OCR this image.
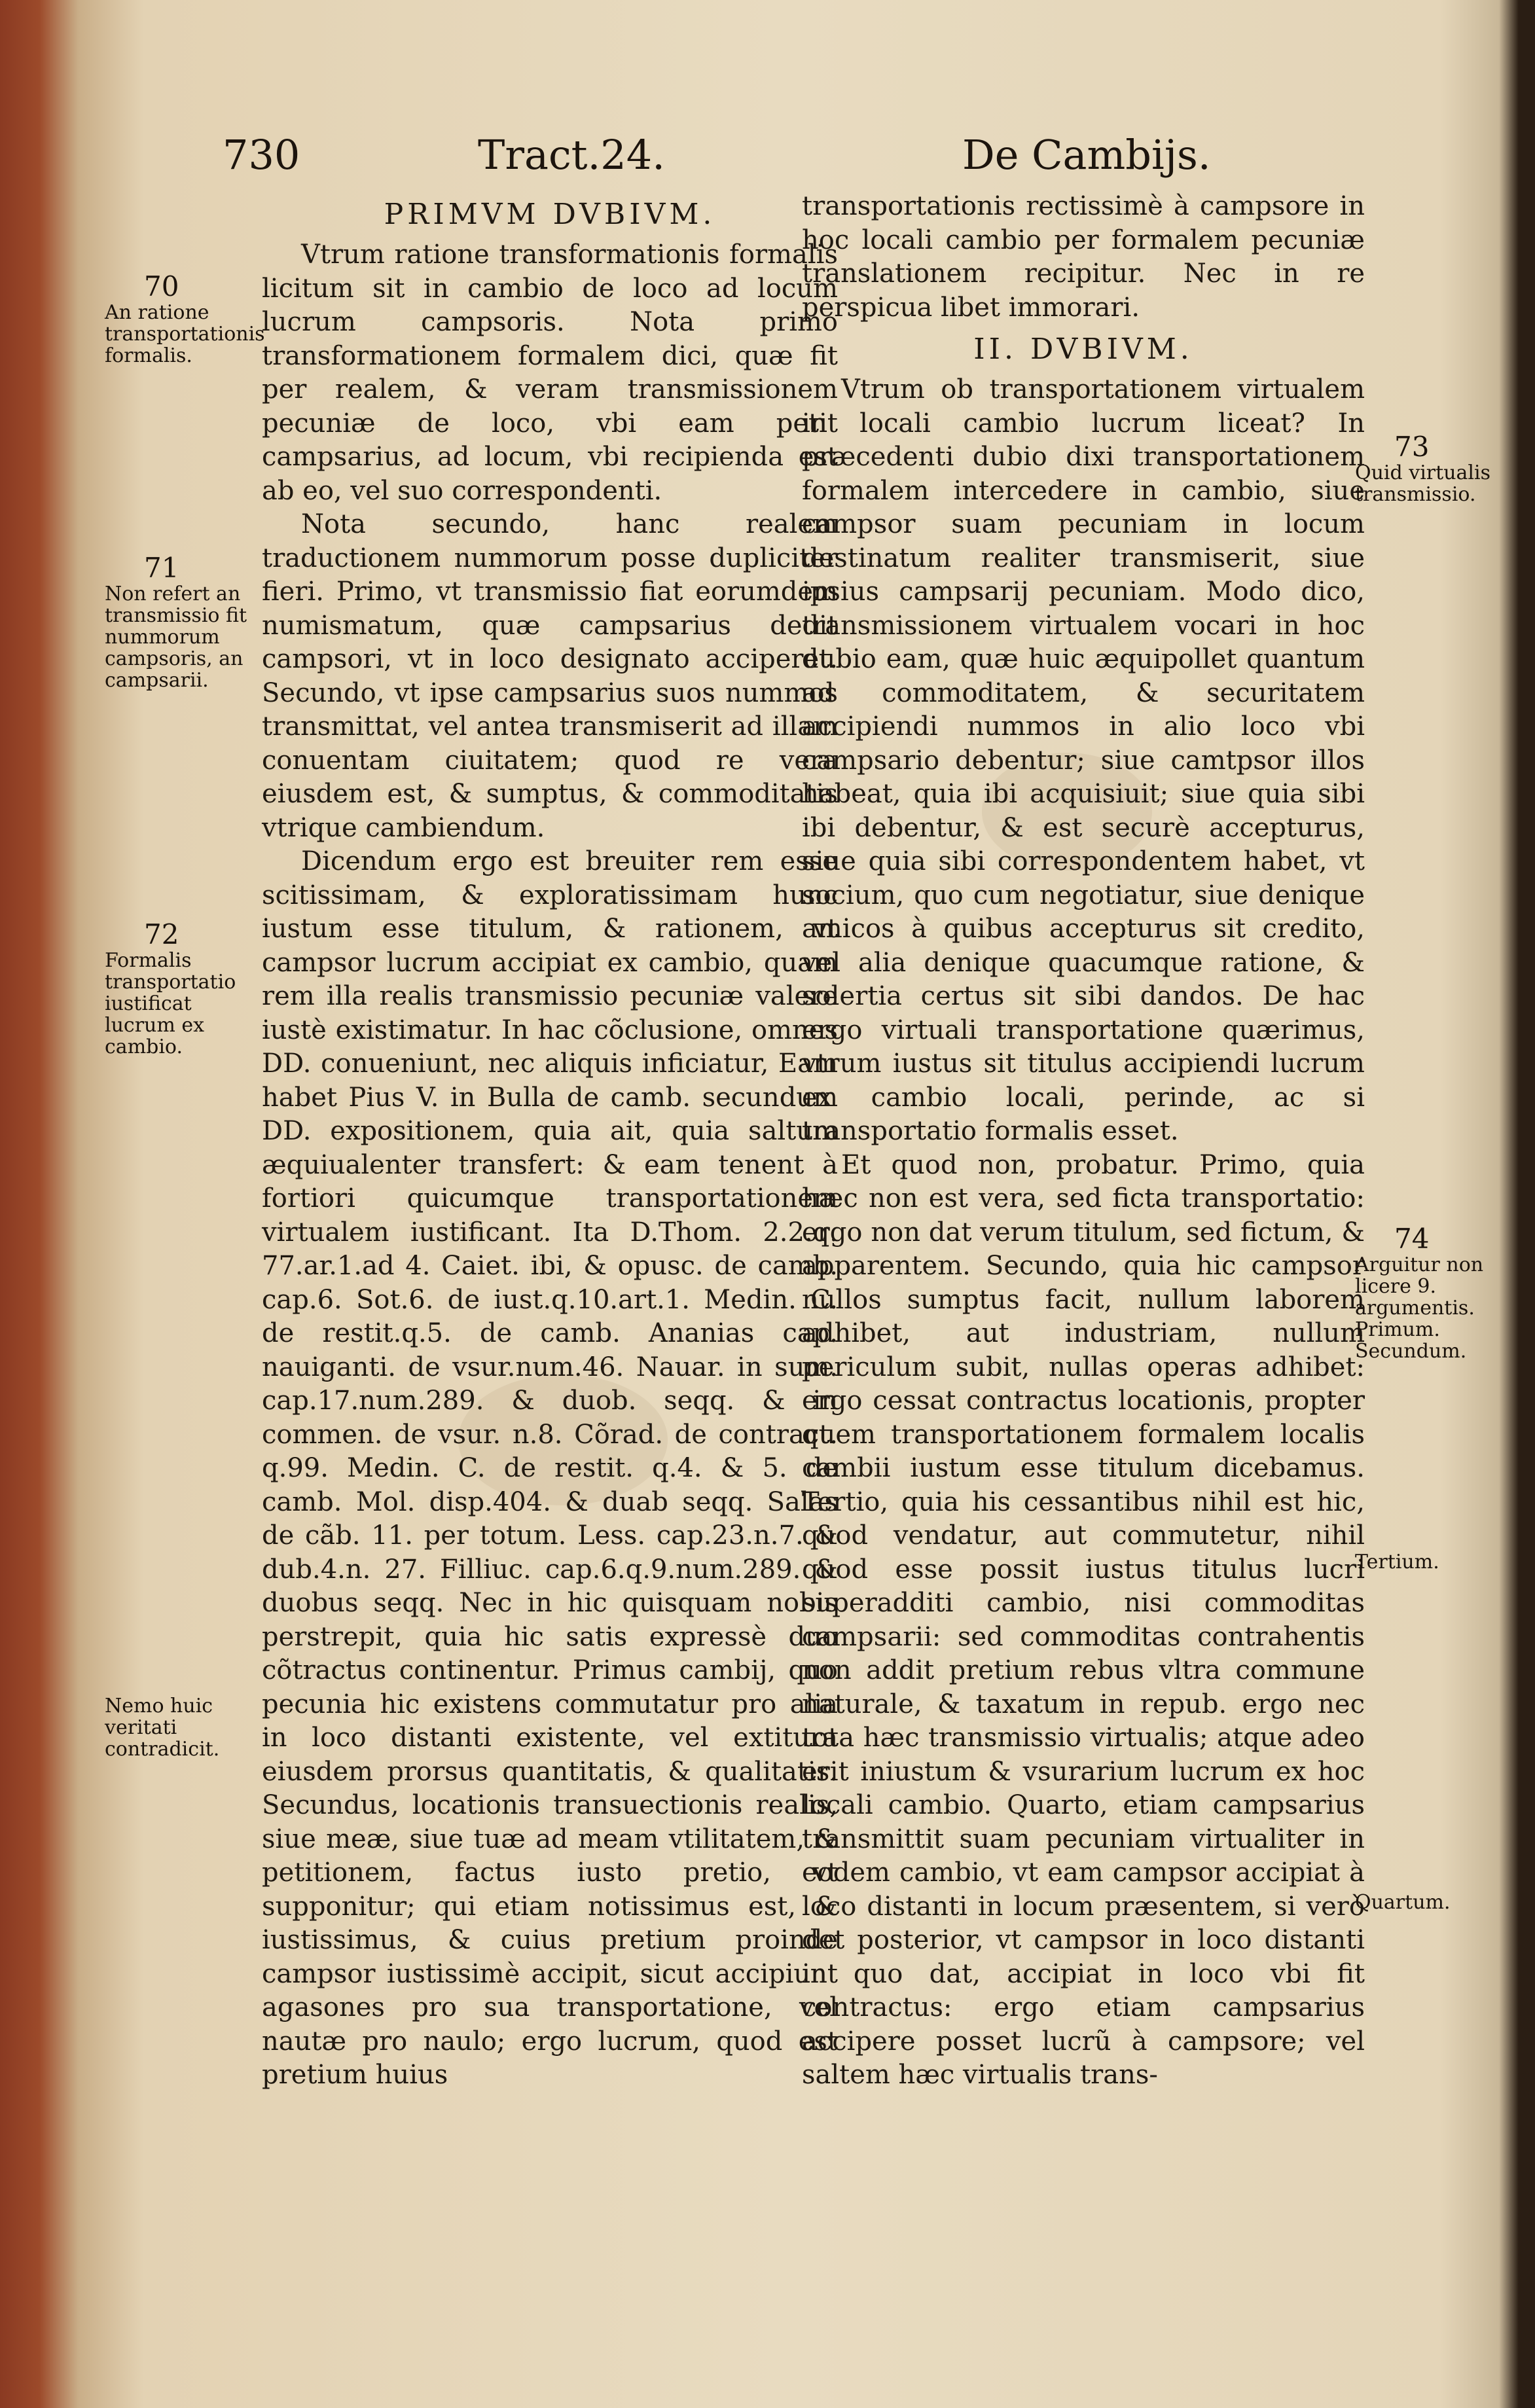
730	Tract.24.	De Cambijs.
PRIMVM DVBIVM.

Vtrum ratione transformationis formalis licitum sit in cambio de loco ad locum lucrum campsoris. Nota primo transformationem formalem dici, quæ fit per realem, & veram transmissionem pecuniæ de loco, vbi eam petit campsarius, ad locum, vbi recipienda est ab eo, vel suo correspondenti.

Nota secundo, hanc realem traductionem nummorum posse dupliciter fieri. Primo, vt transmissio fiat eorumdem numismatum, quæ campsarius dedit campsori, vt in loco designato acciperet. Secundo, vt ipse campsarius suos nummos transmittat, vel antea transmiserit ad illam conuentam ciuitatem; quod re vera eiusdem est, & sumptus, & commoditatis vtrique cambiendum.

Dicendum ergo est breuiter rem esse scitissimam, & exploratissimam hunc iustum esse titulum, & rationem, vt campsor lucrum accipiat ex cambio, quam rem illa realis transmissio pecuniæ valere iustè existimatur. In hac cõclusione, omnes DD. conueniunt, nec aliquis inficiatur, Eam habet Pius V. in Bulla de camb. secundum DD. expositionem, quia ait, quia saltum æquiualenter transfert: & eam tenent à fortiori quicumque transportationem virtualem iustificant. Ita D.Thom. 2.2.q. 77.ar.1.ad 4. Caiet. ibi, & opusc. de camb. cap.6. Sot.6. de iust.q.10.art.1. Medin. C. de restit.q.5. de camb. Ananias cap. nauiganti. de vsur.num.46. Nauar. in sum. cap.17.num.289. & duob. seqq. & in commen. de vsur. n.8. Cõrad. de contract. q.99. Medin. C. de restit. q.4. & 5. de camb. Mol. disp.404. & duab seqq. Salas de cãb. 11. per totum. Less. cap.23.n.7. & dub.4.n. 27. Filliuc. cap.6.q.9.num.289. & duobus seqq. Nec in hic quisquam nobis perstrepit, quia hic satis expressè duo cõtractus continentur. Primus cambij, quo pecunia hic existens commutatur pro alia in loco distanti existente, vel extitura eiusdem prorsus quantitatis, & qualitatis. Secundus, locationis transuectionis realis, siue meæ, siue tuæ ad meam vtilitatem, & petitionem, factus iusto pretio, vt supponitur; qui etiam notissimus est, & iustissimus, & cuius pretium proinde campsor iustissimè accipit, sicut accipiunt agasones pro sua transportatione, vel nautæ pro naulo; ergo lucrum, quod est pretium huius

transportationis rectissimè à campsore in hoc locali cambio per formalem pecuniæ translationem recipitur. Nec in re perspicua libet immorari.

II. DVBIVM.

Vtrum ob transportationem virtualem in locali cambio lucrum liceat? In præcedenti dubio dixi transportationem formalem intercedere in cambio, siue campsor suam pecuniam in locum destinatum realiter transmiserit, siue ipsius campsarij pecuniam. Modo dico, transmissionem virtualem vocari in hoc dubio eam, quæ huic æquipollet quantum ad commoditatem, & securitatem accipiendi nummos in alio loco vbi campsario debentur; siue camtpsor illos habeat, quia ibi acquisiuit; siue quia sibi ibi debentur, & est securè accepturus, siue quia sibi correspondentem habet, vt socium, quo cum negotiatur, siue denique amicos à quibus accepturus sit credito, vel alia denique quacumque ratione, & solertia certus sit sibi dandos. De hac ergo virtuali transportatione quærimus, vtrum iustus sit titulus accipiendi lucrum ex cambio locali, perinde, ac si transportatio formalis esset.

Et quod non, probatur. Primo, quia hæc non est vera, sed ficta transportatio: ergo non dat verum titulum, sed fictum, & apparentem. Secundo, quia hic campsor nullos sumptus facit, nullum laborem adhibet, aut industriam, nullum periculum subit, nullas operas adhibet: ergo cessat contractus locationis, propter quem transportationem formalem localis cambii iustum esse titulum dicebamus. Tertio, quia his cessantibus nihil est hic, quod vendatur, aut commutetur, nihil quod esse possit iustus titulus lucri superadditi cambio, nisi commoditas campsarii: sed commoditas contrahentis non addit pretium rebus vltra commune naturale, & taxatum in repub. ergo nec tota hæc transmissio virtualis; atque adeo erit iniustum & vsurarium lucrum ex hoc locali cambio. Quarto, etiam campsarius transmittit suam pecuniam virtualiter in eodem cambio, vt eam campsor accipiat à loco distanti in locum præsentem, si verò det posterior, vt campsor in loco distanti in quo dat, accipiat in loco vbi fit contractus: ergo etiam campsarius accipere posset lucrũ à campsore; vel saltem hæc virtualis trans-

70
An ratione transportationis formalis.
71
Non refert an transmissio fit nummorum campsoris, an campsarii.
72
Formalis transportatio iustificat lucrum ex cambio.
Nemo huic veritati contradicit.
73
Quid virtualis transmissio.
74
Arguitur non licere 9. argumentis. Primum. Secundum.
Tertium.
Quartum.
